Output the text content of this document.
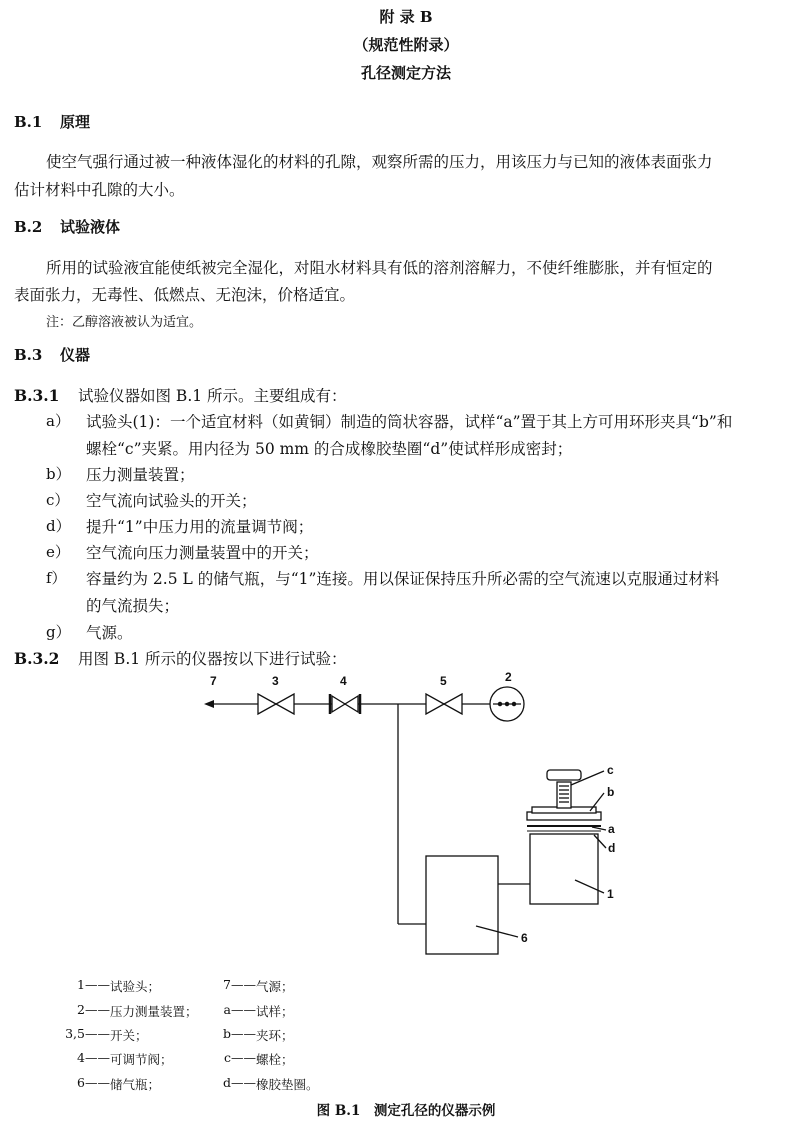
附 录 B
（规范性附录）
孔径测定方法
B.1 原理
使空气强行通过被一种液体湿化的材料的孔隙，观察所需的压力，用该压力与已知的液体表面张力
估计材料中孔隙的大小。
B.2 试验液体
所用的试验液宜能使纸被完全湿化，对阻水材料具有低的溶剂溶解力，不使纤维膨胀，并有恒定的
表面张力，无毒性、低燃点、无泡沫，价格适宜。
注：乙醇溶液被认为适宜。
B.3 仪器
B.3.1 试验仪器如图 B.1 所示。主要组成有：
a） 试验头(1)：一个适宜材料（如黄铜）制造的筒状容器，试样“a”置于其上方可用环形夹具“b”和
螺栓“c”夹紧。用内径为 50 mm 的合成橡胶垫圈“d”使试样形成密封；
b） 压力测量装置；
c） 空气流向试验头的开关；
d） 提升“1”中压力用的流量调节阀；
e） 空气流向压力测量装置中的开关；
f） 容量约为 2.5 L 的储气瓶，与“1”连接。用以保证保持压升所必需的空气流速以克服通过材料
的气流损失；
g） 气源。
B.3.2 用图 B.1 所示的仪器按以下进行试验：
7	3	4	5	2
c
b
a
d
1
6
1—— 试验头；
2—— 压力测量装置；
3,5—— 开关；
4—— 可调节阀；
6—— 储气瓶；
7—— 气源；
a—— 试样；
b—— 夹环；
c—— 螺栓；
d—— 橡胶垫圈。
图 B.1　测定孔径的仪器示例
